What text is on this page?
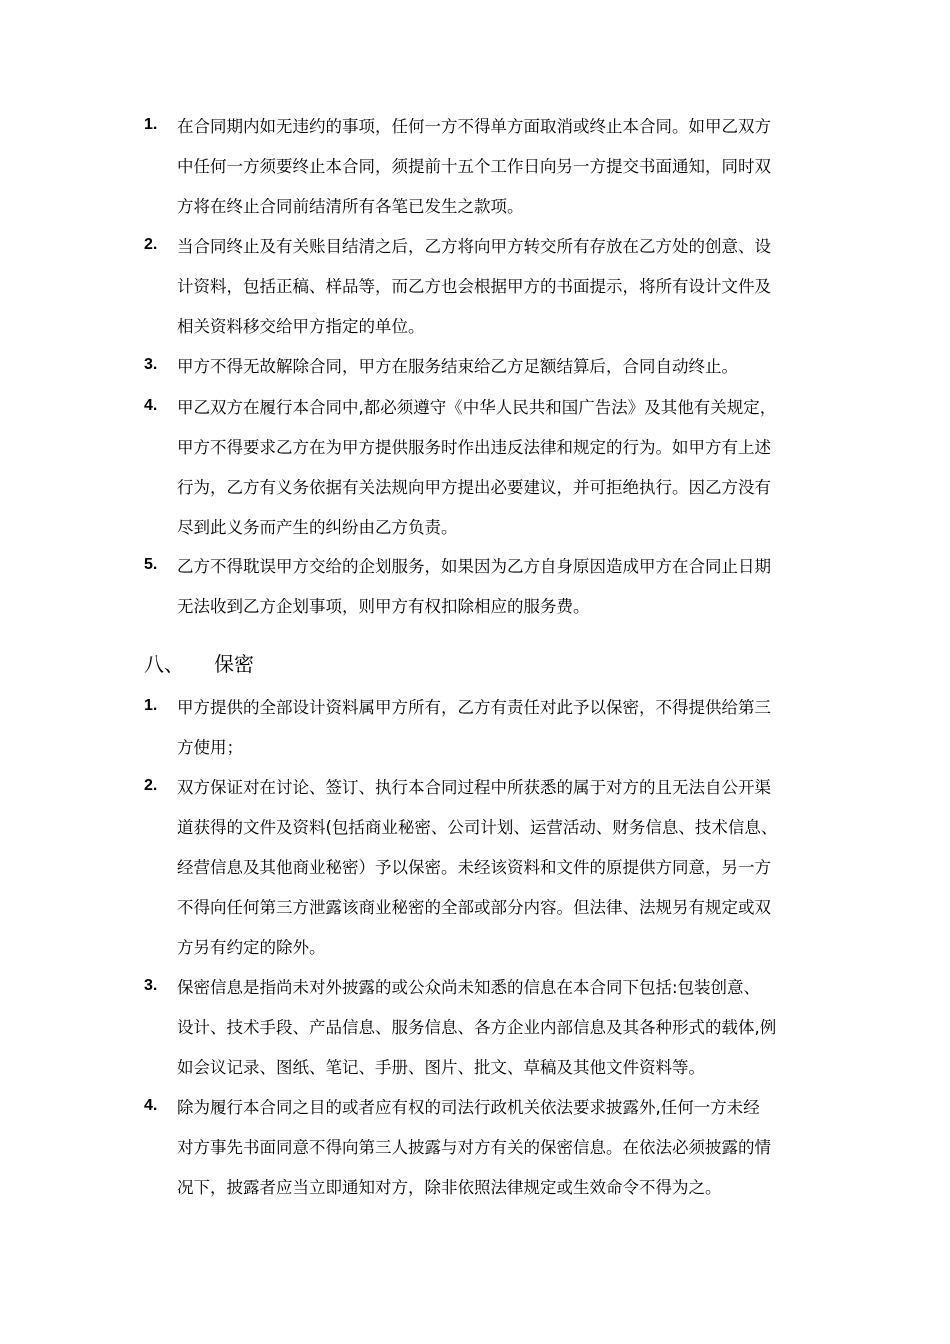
1.	在合同期内如无违约的事项，任何一方不得单方面取消或终止本合同。如甲乙双方
中任何一方须要终止本合同，须提前十五个工作日向另一方提交书面通知，同时双
方将在终止合同前结清所有各笔已发生之款项。
2.	当合同终止及有关账目结清之后，乙方将向甲方转交所有存放在乙方处的创意、设
计资料，包括正稿、样品等，而乙方也会根据甲方的书面提示，将所有设计文件及
相关资料移交给甲方指定的单位。
3.	甲方不得无故解除合同，甲方在服务结束给乙方足额结算后，合同自动终止。
4.	甲乙双方在履行本合同中,都必须遵守《中华人民共和国广告法》及其他有关规定，
甲方不得要求乙方在为甲方提供服务时作出违反法律和规定的行为。如甲方有上述
行为，乙方有义务依据有关法规向甲方提出必要建议，并可拒绝执行。因乙方没有
尽到此义务而产生的纠纷由乙方负责。
5.	乙方不得耽误甲方交给的企划服务，如果因为乙方自身原因造成甲方在合同止日期
无法收到乙方企划事项，则甲方有权扣除相应的服务费。
八、 保密
1.	甲方提供的全部设计资料属甲方所有，乙方有责任对此予以保密，不得提供给第三
方使用；
2.	双方保证对在讨论、签订、执行本合同过程中所获悉的属于对方的且无法自公开渠
道获得的文件及资料(包括商业秘密、公司计划、运营活动、财务信息、技术信息、
经营信息及其他商业秘密）予以保密。未经该资料和文件的原提供方同意，另一方
不得向任何第三方泄露该商业秘密的全部或部分内容。但法律、法规另有规定或双
方另有约定的除外。
3.	保密信息是指尚未对外披露的或公众尚未知悉的信息在本合同下包括:包装创意、
设计、技术手段、产品信息、服务信息、各方企业内部信息及其各种形式的载体,例
如会议记录、图纸、笔记、手册、图片、批文、草稿及其他文件资料等。
4.	除为履行本合同之目的或者应有权的司法行政机关依法要求披露外,任何一方未经
对方事先书面同意不得向第三人披露与对方有关的保密信息。在依法必须披露的情
况下，披露者应当立即通知对方，除非依照法律规定或生效命令不得为之。
